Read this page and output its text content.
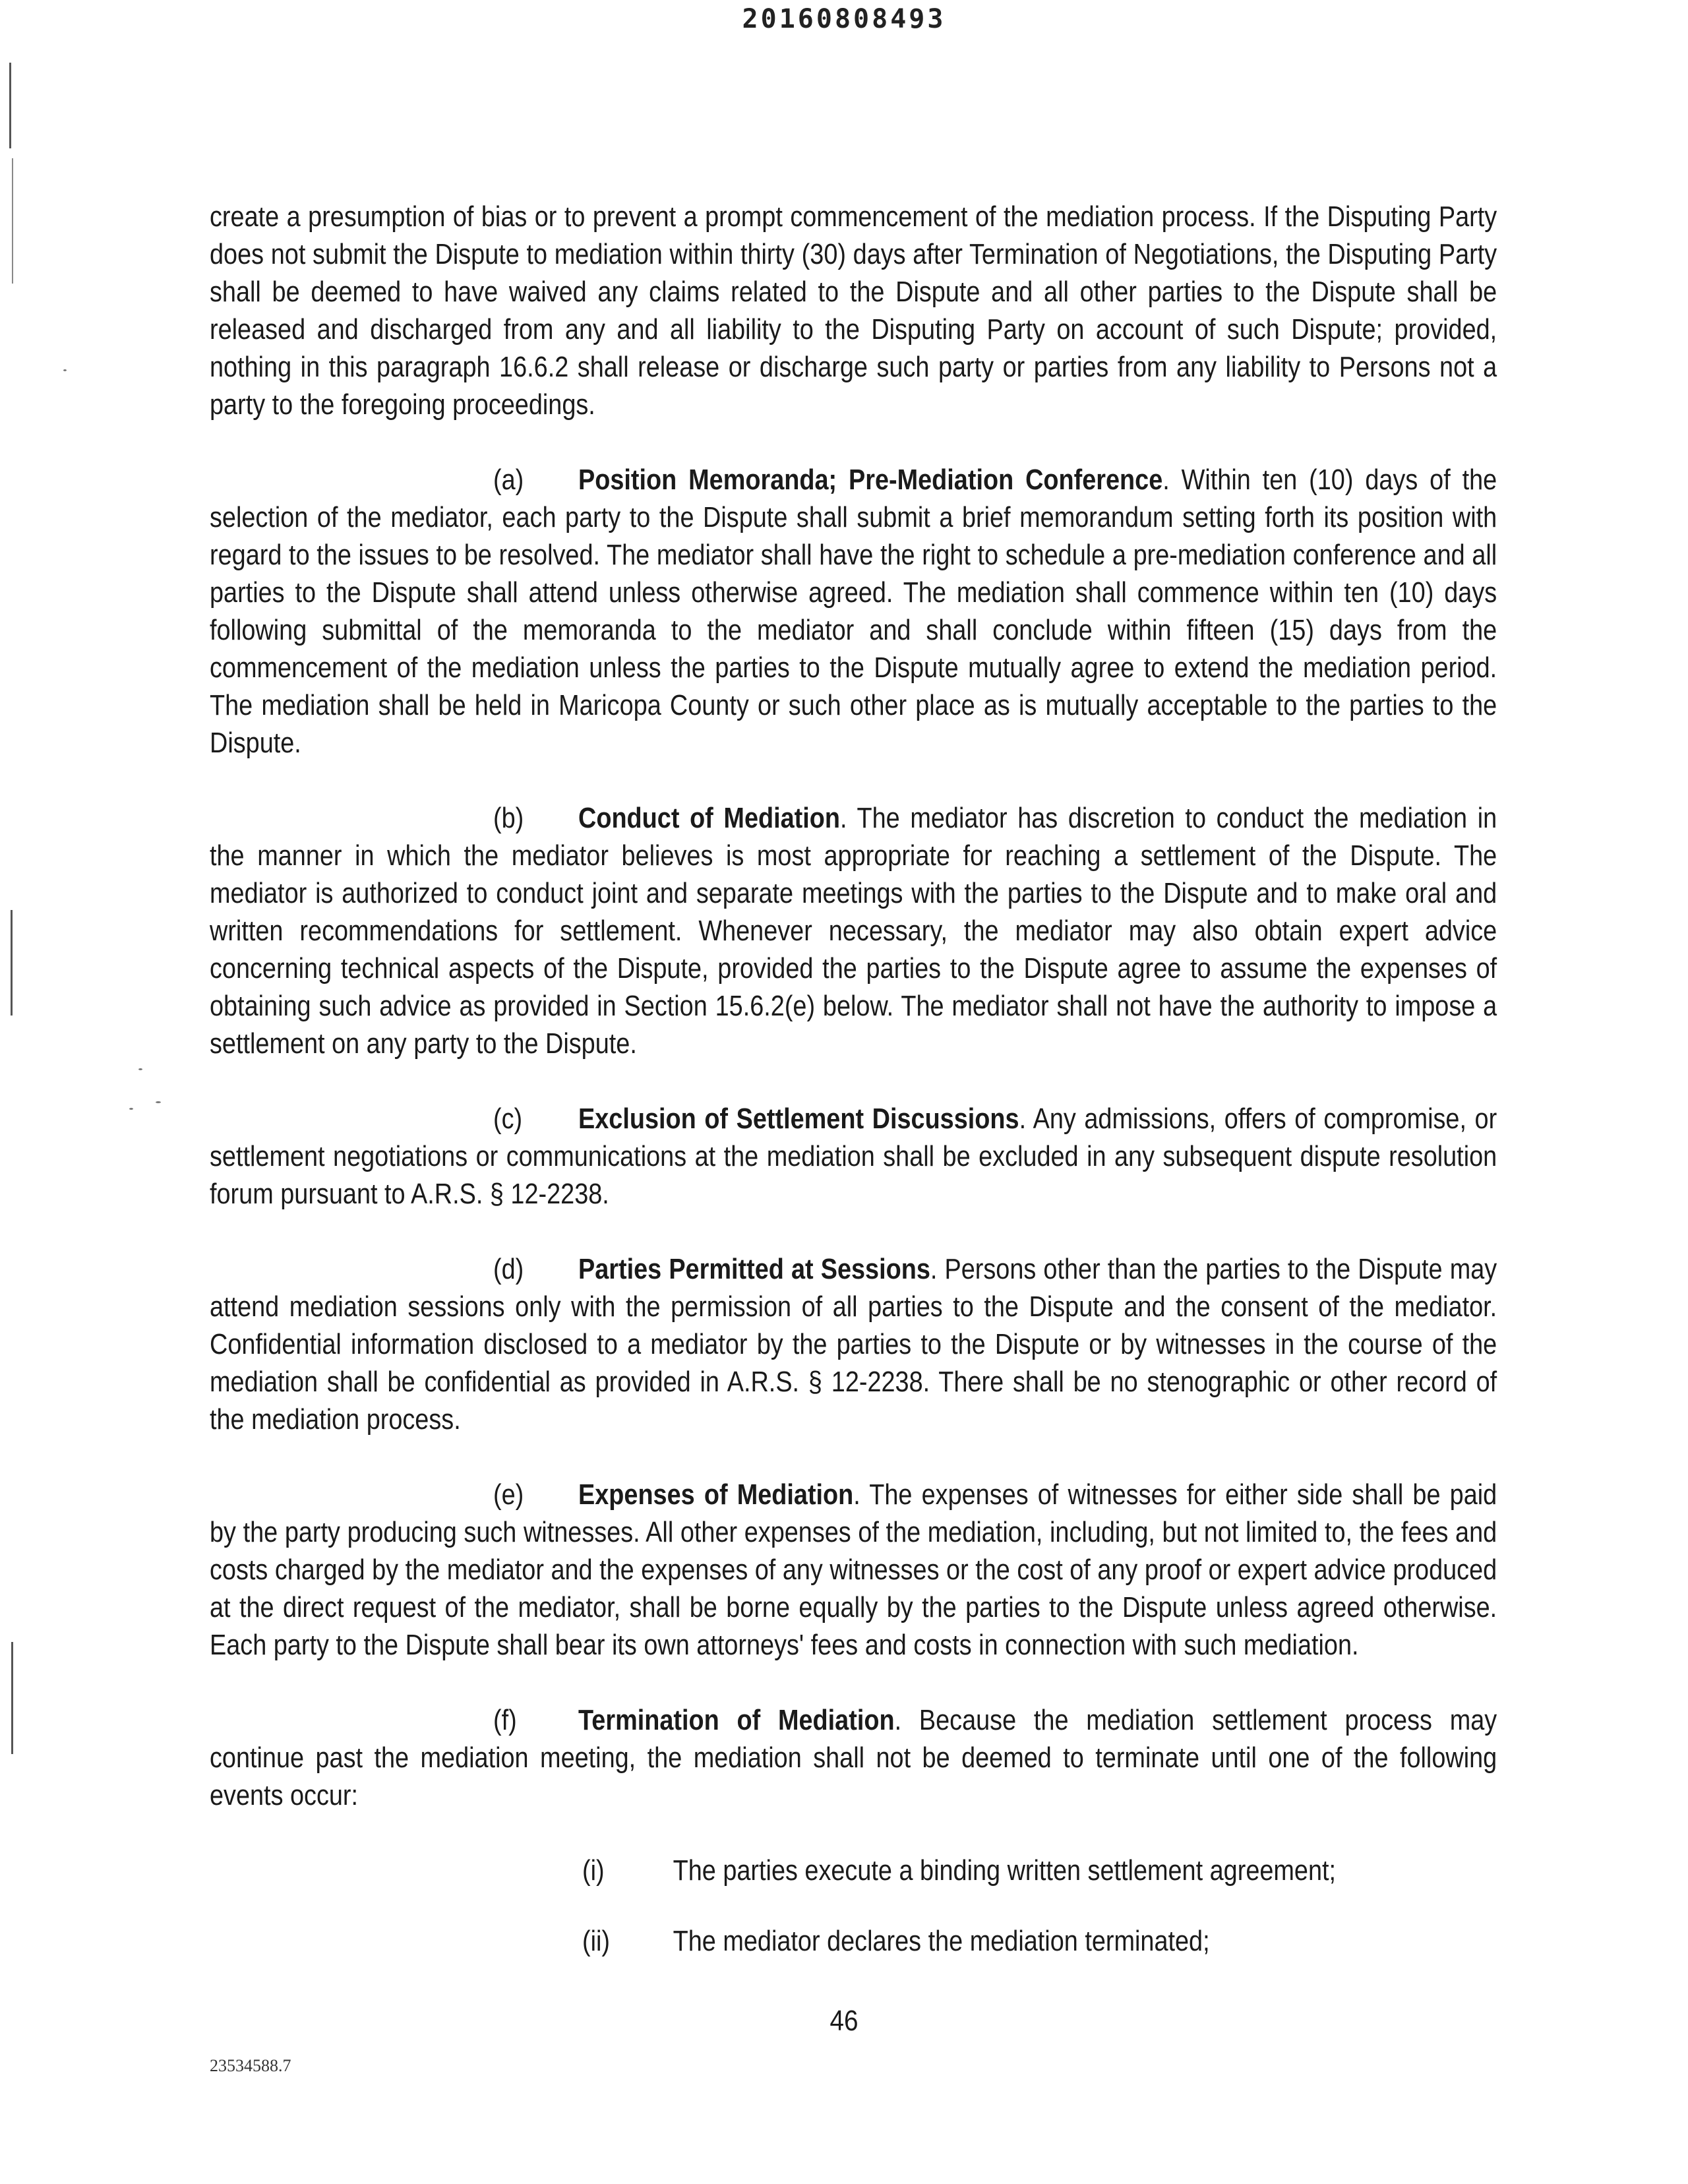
20160808493

create a presumption of bias or to prevent a prompt commencement of the mediation process. If the Disputing Party does not submit the Dispute to mediation within thirty (30) days after Termination of Negotiations, the Disputing Party shall be deemed to have waived any claims related to the Dispute and all other parties to the Dispute shall be released and discharged from any and all liability to the Disputing Party on account of such Dispute; provided, nothing in this paragraph 16.6.2 shall release or discharge such party or parties from any liability to Persons not a party to the foregoing proceedings.

(a) Position Memoranda; Pre-Mediation Conference. Within ten (10) days of the selection of the mediator, each party to the Dispute shall submit a brief memorandum setting forth its position with regard to the issues to be resolved. The mediator shall have the right to schedule a pre-mediation conference and all parties to the Dispute shall attend unless otherwise agreed. The mediation shall commence within ten (10) days following submittal of the memoranda to the mediator and shall conclude within fifteen (15) days from the commencement of the mediation unless the parties to the Dispute mutually agree to extend the mediation period. The mediation shall be held in Maricopa County or such other place as is mutually acceptable to the parties to the Dispute.

(b) Conduct of Mediation. The mediator has discretion to conduct the mediation in the manner in which the mediator believes is most appropriate for reaching a settlement of the Dispute. The mediator is authorized to conduct joint and separate meetings with the parties to the Dispute and to make oral and written recommendations for settlement. Whenever necessary, the mediator may also obtain expert advice concerning technical aspects of the Dispute, provided the parties to the Dispute agree to assume the expenses of obtaining such advice as provided in Section 15.6.2(e) below. The mediator shall not have the authority to impose a settlement on any party to the Dispute.

(c) Exclusion of Settlement Discussions. Any admissions, offers of compromise, or settlement negotiations or communications at the mediation shall be excluded in any subsequent dispute resolution forum pursuant to A.R.S. § 12-2238.

(d) Parties Permitted at Sessions. Persons other than the parties to the Dispute may attend mediation sessions only with the permission of all parties to the Dispute and the consent of the mediator. Confidential information disclosed to a mediator by the parties to the Dispute or by witnesses in the course of the mediation shall be confidential as provided in A.R.S. § 12-2238. There shall be no stenographic or other record of the mediation process.

(e) Expenses of Mediation. The expenses of witnesses for either side shall be paid by the party producing such witnesses. All other expenses of the mediation, including, but not limited to, the fees and costs charged by the mediator and the expenses of any witnesses or the cost of any proof or expert advice produced at the direct request of the mediator, shall be borne equally by the parties to the Dispute unless agreed otherwise. Each party to the Dispute shall bear its own attorneys' fees and costs in connection with such mediation.

(f) Termination of Mediation. Because the mediation settlement process may continue past the mediation meeting, the mediation shall not be deemed to terminate until one of the following events occur:

(i) The parties execute a binding written settlement agreement;
(ii) The mediator declares the mediation terminated;
46
23534588.7
